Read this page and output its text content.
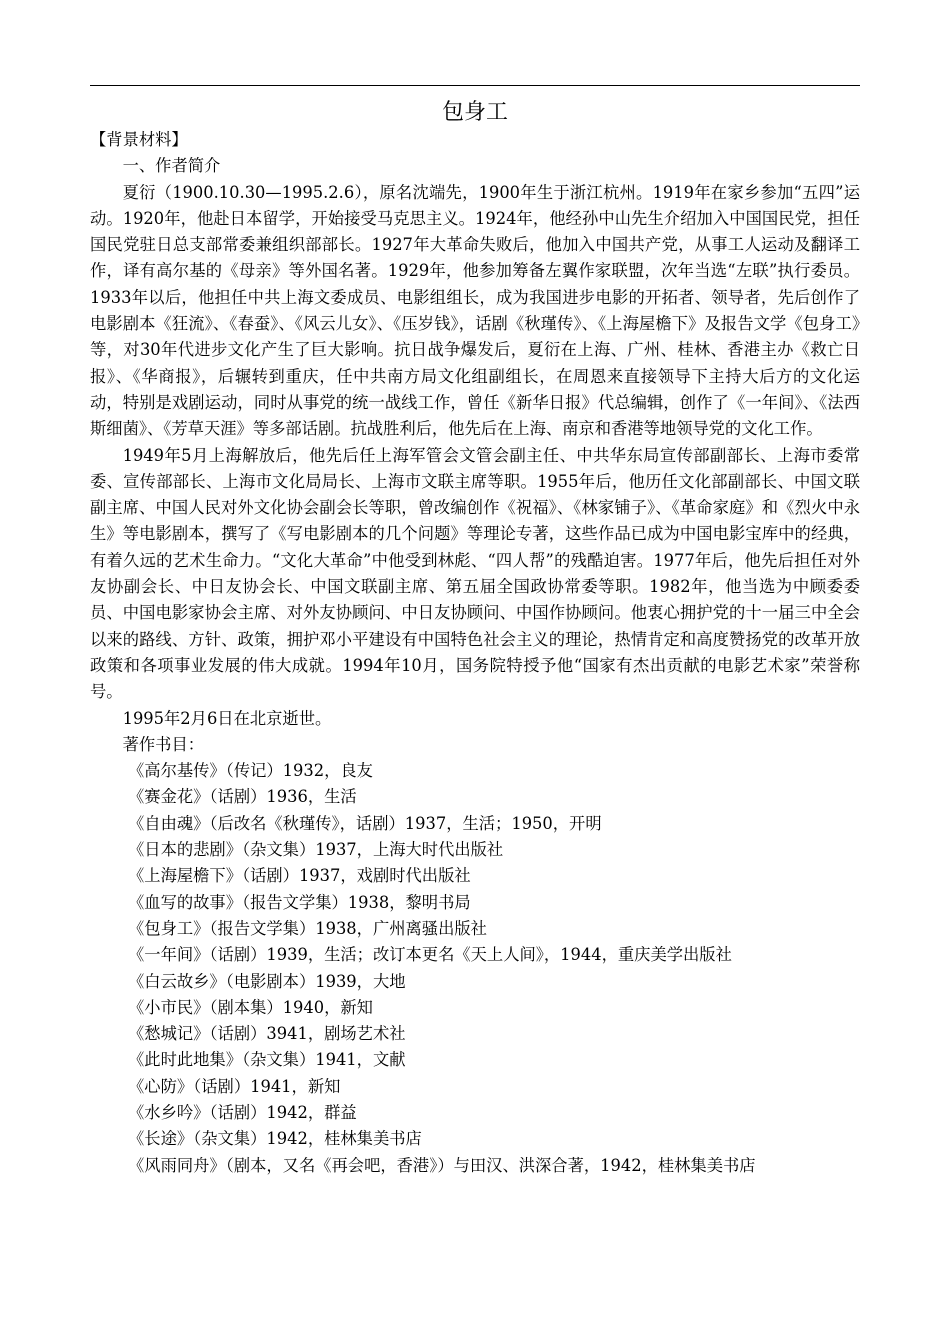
包身工

【背景材料】

一、作者简介

夏衍（1900.10.30—1995.2.6），原名沈端先，1900年生于浙江杭州。1919年在家乡参加“五四”运动。1920年，他赴日本留学，开始接受马克思主义。1924年，他经孙中山先生介绍加入中国国民党，担任国民党驻日总支部常委兼组织部部长。1927年大革命失败后，他加入中国共产党，从事工人运动及翻译工作，译有高尔基的《母亲》等外国名著。1929年，他参加筹备左翼作家联盟，次年当选“左联”执行委员。1933年以后，他担任中共上海文委成员、电影组组长，成为我国进步电影的开拓者、领导者，先后创作了电影剧本《狂流》、《春蚕》、《风云儿女》、《压岁钱》，话剧《秋瑾传》、《上海屋檐下》及报告文学《包身工》等，对30年代进步文化产生了巨大影响。抗日战争爆发后，夏衍在上海、广州、桂林、香港主办《救亡日报》、《华商报》，后辗转到重庆，任中共南方局文化组副组长，在周恩来直接领导下主持大后方的文化运动，特别是戏剧运动，同时从事党的统一战线工作，曾任《新华日报》代总编辑，创作了《一年间》、《法西斯细菌》、《芳草天涯》等多部话剧。抗战胜利后，他先后在上海、南京和香港等地领导党的文化工作。

1949年5月上海解放后，他先后任上海军管会文管会副主任、中共华东局宣传部副部长、上海市委常委、宣传部部长、上海市文化局局长、上海市文联主席等职。1955年后，他历任文化部副部长、中国文联副主席、中国人民对外文化协会副会长等职，曾改编创作《祝福》、《林家铺子》、《革命家庭》和《烈火中永生》等电影剧本，撰写了《写电影剧本的几个问题》等理论专著，这些作品已成为中国电影宝库中的经典，有着久远的艺术生命力。“文化大革命”中他受到林彪、“四人帮”的残酷迫害。1977年后，他先后担任对外友协副会长、中日友协会长、中国文联副主席、第五届全国政协常委等职。1982年，他当选为中顾委委员、中国电影家协会主席、对外友协顾问、中日友协顾问、中国作协顾问。他衷心拥护党的十一届三中全会以来的路线、方针、政策，拥护邓小平建设有中国特色社会主义的理论，热情肯定和高度赞扬党的改革开放政策和各项事业发展的伟大成就。1994年10月，国务院特授予他“国家有杰出贡献的电影艺术家”荣誉称号。

1995年2月6日在北京逝世。

著作书目：

《高尔基传》（传记）1932，良友
《赛金花》（话剧）1936，生活
《自由魂》（后改名《秋瑾传》，话剧）1937，生活；1950，开明
《日本的悲剧》（杂文集）1937，上海大时代出版社
《上海屋檐下》（话剧）1937，戏剧时代出版社
《血写的故事》（报告文学集）1938，黎明书局
《包身工》（报告文学集）1938，广州离骚出版社
《一年间》（话剧）1939，生活；改订本更名《天上人间》，1944，重庆美学出版社
《白云故乡》（电影剧本）1939，大地
《小市民》（剧本集）1940，新知
《愁城记》（话剧）3941，剧场艺术社
《此时此地集》（杂文集）1941，文献
《心防》（话剧）1941，新知
《水乡吟》（话剧）1942，群益
《长途》（杂文集）1942，桂林集美书店
《风雨同舟》（剧本，又名《再会吧，香港》）与田汉、洪深合著，1942，桂林集美书店
